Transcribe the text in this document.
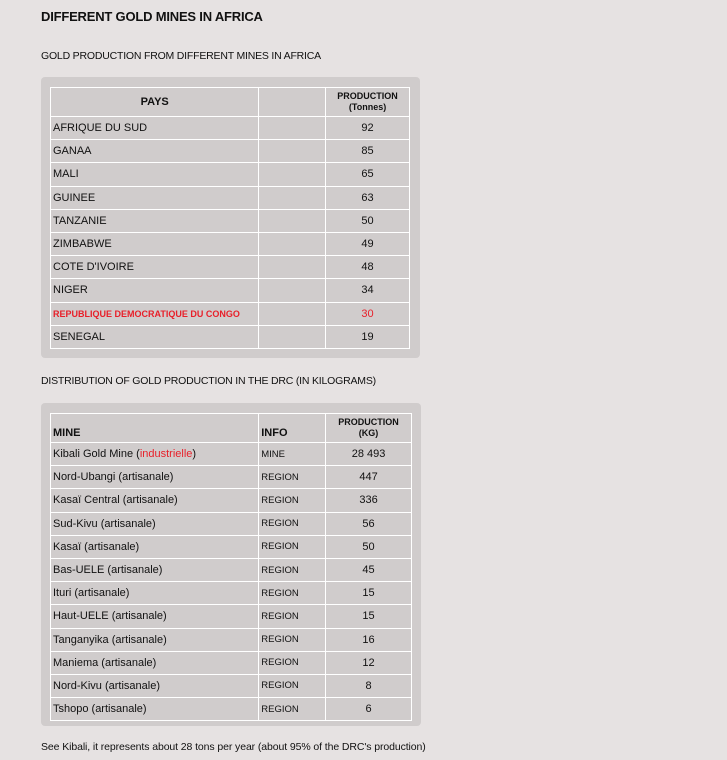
DIFFERENT GOLD MINES IN AFRICA
GOLD PRODUCTION FROM DIFFERENT MINES IN AFRICA
PAYS		PRODUCTION
(Tonnes)
AFRIQUE DU SUD		92
GANAA		85
MALI		65
GUINEE		63
TANZANIE		50
ZIMBABWE		49
COTE D'IVOIRE		48
NIGER		34
REPUBLIQUE DEMOCRATIQUE DU CONGO		30
SENEGAL		19
DISTRIBUTION OF GOLD PRODUCTION IN THE DRC (IN KILOGRAMS)
MINE	INFO	PRODUCTION
(KG)
Kibali Gold Mine (industrielle)	MINE	28 493
Nord-Ubangi (artisanale)	REGION	447
Kasaï Central (artisanale)	REGION	336
Sud-Kivu (artisanale)	REGION	56
Kasaï (artisanale)	REGION	50
Bas-UELE (artisanale)	REGION	45
Ituri (artisanale)	REGION	15
Haut-UELE (artisanale)	REGION	15
Tanganyika (artisanale)	REGION	16
Maniema (artisanale)	REGION	12
Nord-Kivu (artisanale)	REGION	8
Tshopo (artisanale)	REGION	6
See Kibali, it represents about 28 tons per year (about 95% of the DRC's production)
